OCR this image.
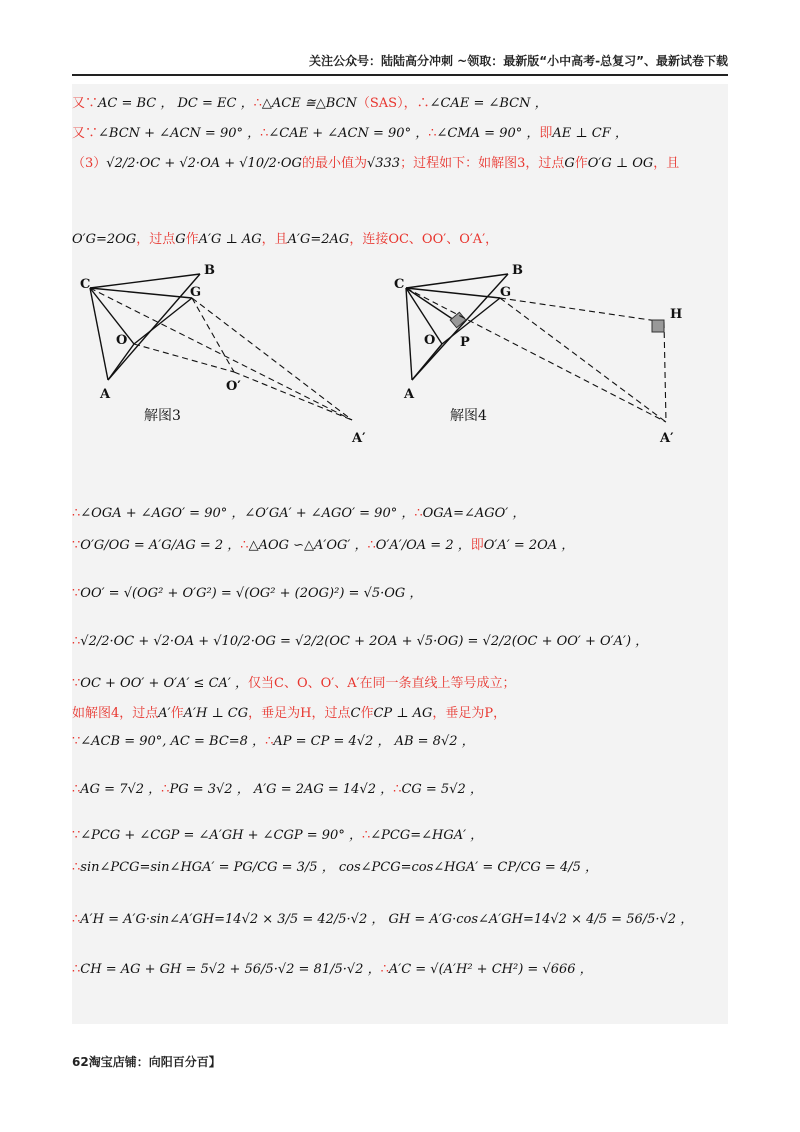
关注公众号：陆陆高分冲刺 ~领取：最新版“小中高考-总复习”、最新试卷下载
又∵AC = BC ， DC = EC ，∴△ACE ≅△BCN（SAS），∴∠CAE = ∠BCN ，
又∵∠BCN + ∠ACN = 90° ，∴∠CAE + ∠ACN = 90° ，∴∠CMA = 90° ，即AE ⊥ CF ，
（3）√2/2·OC + √2·OA + √10/2·OG的最小值为√333；过程如下：如解图3，过点G作O′G ⊥ OG，且
O′G=2OG，过点G作A′G ⊥ AG，且A′G=2AG，连接OC、OO′、O′A′，
∴∠OGA + ∠AGO′ = 90° ，∠O′GA′ + ∠AGO′ = 90° ，∴OGA=∠AGO′ ，
∵O′G/OG = A′G/AG = 2 ，∴△AOG ∽△A′OG′ ，∴O′A′/OA = 2 ，即O′A′ = 2OA ，
∵OO′ = √(OG² + O′G²) = √(OG² + (2OG)²) = √5·OG ，
∴√2/2·OC + √2·OA + √10/2·OG = √2/2(OC + 2OA + √5·OG) = √2/2(OC + OO′ + O′A′) ，
∵OC + OO′ + O′A′ ≤ CA′ ，仅当C、O、O′、A′在同一条直线上等号成立；
如解图4，过点A′作A′H ⊥ CG，垂足为H，过点C作CP ⊥ AG，垂足为P，
∵∠ACB = 90°, AC = BC=8 ，∴AP = CP = 4√2 ， AB = 8√2 ，
∴AG = 7√2 ，∴PG = 3√2 ， A′G = 2AG = 14√2 ，∴CG = 5√2 ，
∵∠PCG + ∠CGP = ∠A′GH + ∠CGP = 90° ，∴∠PCG=∠HGA′ ，
∴sin∠PCG=sin∠HGA′ = PG/CG = 3/5 ， cos∠PCG=cos∠HGA′ = CP/CG = 4/5 ，
∴A′H = A′G·sin∠A′GH=14√2 × 3/5 = 42/5·√2 ， GH = A′G·cos∠A′GH=14√2 × 4/5 = 56/5·√2 ，
∴CH = AG + GH = 5√2 + 56/5·√2 = 81/5·√2 ，∴A′C = √(A′H² + CH²) = √666 ，
C
B
G
O
A
O′
A′
解图3
C
B
G
O P
A
H
A′
解图4
62淘宝店铺：向阳百分百】
